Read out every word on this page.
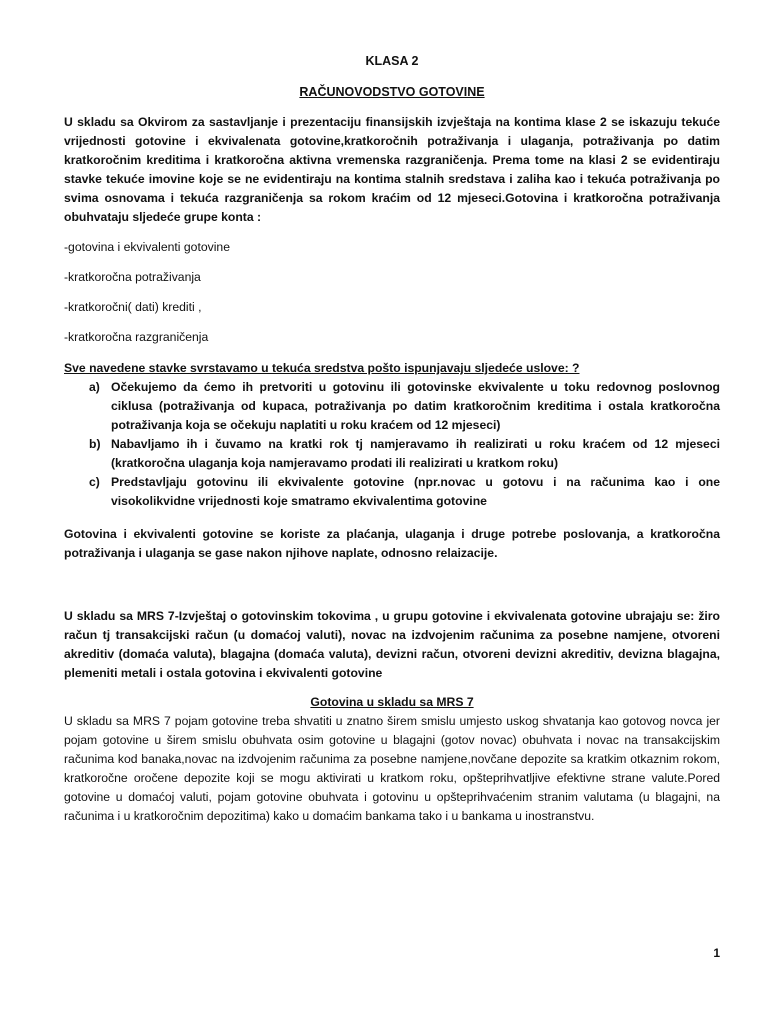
KLASA 2
RAČUNOVODSTVO GOTOVINE

U skladu sa Okvirom za sastavljanje i prezentaciju finansijskih izvještaja na kontima klase 2 se iskazuju tekuće vrijednosti gotovine i ekvivalenata gotovine,kratkoročnih potraživanja i ulaganja, potraživanja po datim kratkoročnim kreditima i kratkoročna aktivna vremenska razgraničenja. Prema tome na klasi 2 se evidentiraju stavke tekuće imovine koje se ne evidentiraju na kontima stalnih sredstava i zaliha kao i tekuća potraživanja po svima osnovama i tekuća razgraničenja sa rokom kraćim od 12 mjeseci.Gotovina i kratkoročna potraživanja obuhvataju sljedeće grupe konta :

-gotovina i ekvivalenti gotovine

-kratkoročna potraživanja

-kratkoročni( dati) krediti ,

-kratkoročna razgraničenja

Sve navedene stavke svrstavamo u tekuća sredstva pošto ispunjavaju sljedeće uslove: ?

a) Očekujemo da ćemo ih pretvoriti u gotovinu ili gotovinske ekvivalente u toku redovnog poslovnog ciklusa (potraživanja od kupaca, potraživanja po datim kratkoročnim kreditima i ostala kratkoročna potraživanja koja se očekuju naplatiti u roku kraćem od 12 mjeseci)
b) Nabavljamo ih i čuvamo na kratki rok tj namjeravamo ih realizirati u roku kraćem od 12 mjeseci (kratkoročna ulaganja koja namjeravamo prodati ili realizirati u kratkom roku)
c) Predstavljaju gotovinu ili ekvivalente gotovine (npr.novac u gotovu i na računima kao i one visokolikvidne vrijednosti koje smatramo ekvivalentima gotovine

Gotovina i ekvivalenti gotovine se koriste za plaćanja, ulaganja i druge potrebe poslovanja, a kratkoročna potraživanja i ulaganja se gase nakon njihove naplate, odnosno relaizacije.

U skladu sa MRS 7-Izvještaj o gotovinskim tokovima , u grupu gotovine i ekvivalenata gotovine ubrajaju se: žiro račun tj transakcijski račun (u domaćoj valuti), novac na izdvojenim računima za posebne namjene, otvoreni akreditiv (domaća valuta), blagajna (domaća valuta), devizni račun, otvoreni devizni akreditiv, devizna blagajna, plemeniti metali i ostala gotovina i ekvivalenti gotovine

Gotovina u skladu sa MRS 7

U skladu sa MRS 7 pojam gotovine treba shvatiti u znatno širem smislu umjesto uskog shvatanja kao gotovog novca jer pojam gotovine u širem smislu obuhvata osim gotovine u blagajni (gotov novac) obuhvata i novac na transakcijskim računima kod banaka,novac na izdvojenim računima za posebne namjene,novčane depozite sa kratkim otkaznim rokom, kratkoročne oročene depozite koji se mogu aktivirati u kratkom roku, opšteprihvatljive efektivne strane valute.Pored gotovine u domaćoj valuti, pojam gotovine obuhvata i gotovinu u opšteprihvaćenim stranim valutama (u blagajni, na računima i u kratkoročnim depozitima) kako u domaćim bankama tako i u bankama u inostranstvu.

1
